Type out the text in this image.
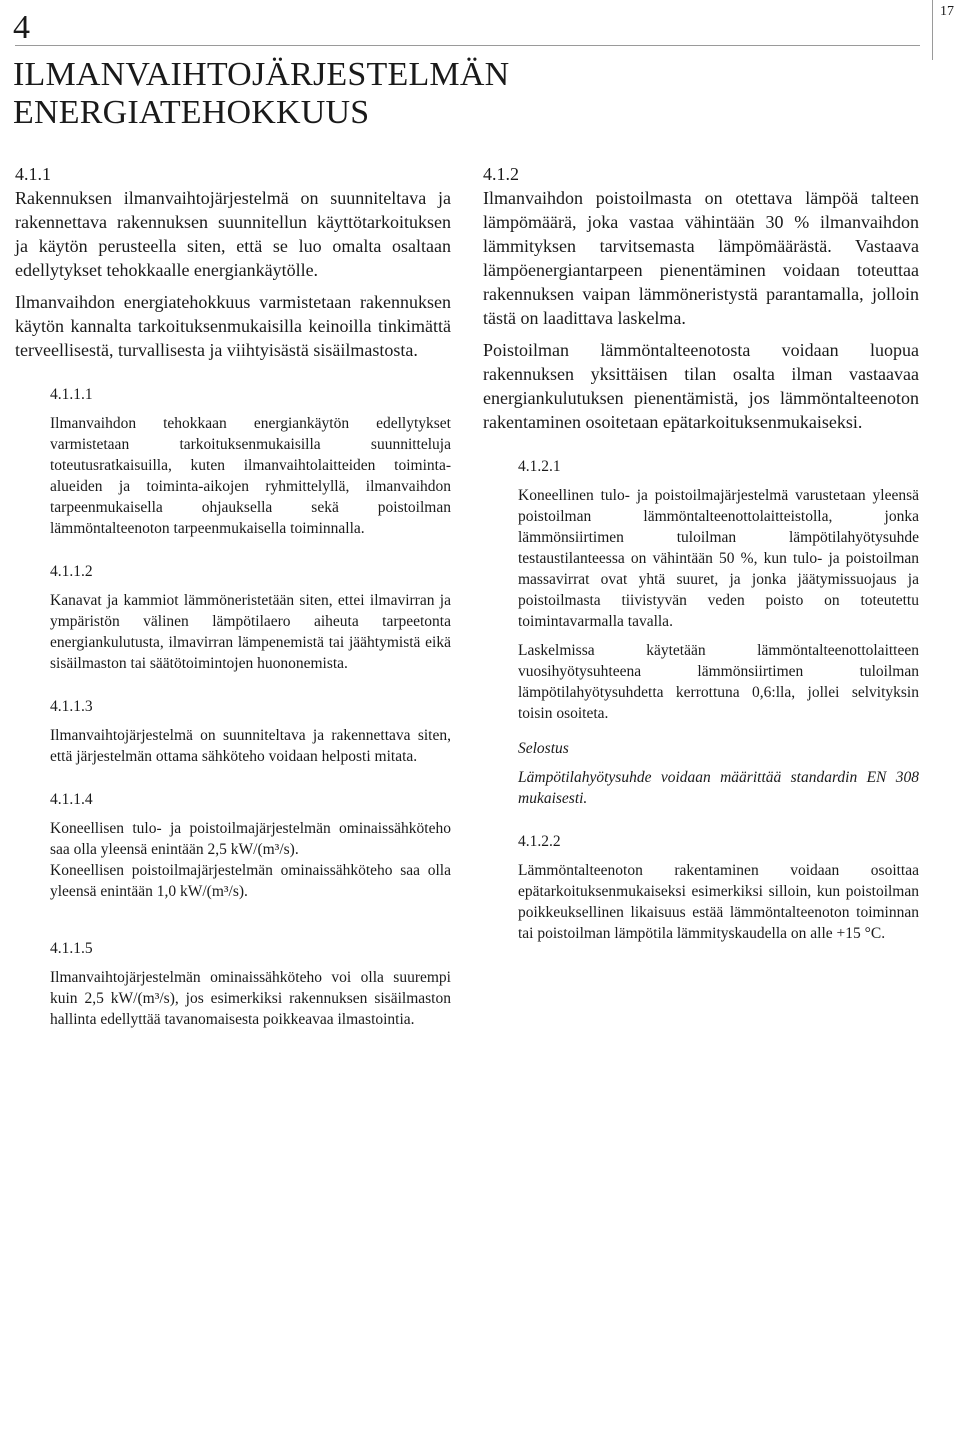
17
4
ILMANVAIHTOJÄRJESTELMÄN
ENERGIATEHOKKUUS

4.1.1

Rakennuksen ilmanvaihtojärjestelmä on suunniteltava ja rakennettava rakennuksen suunnitellun käyttötarkoituksen ja käytön perusteella siten, että se luo omalta osaltaan edellytykset tehokkaalle energiankäytölle.

Ilmanvaihdon energiatehokkuus varmistetaan rakennuksen käytön kannalta tarkoituksenmukaisilla keinoilla tinkimättä terveellisestä, turvallisesta ja viihtyisästä sisäilmastosta.

4.1.1.1

Ilmanvaihdon tehokkaan energiankäytön edellytykset varmistetaan tarkoituksenmukaisilla suunnitteluja toteutusratkaisuilla, kuten ilmanvaihtolaitteiden toiminta-alueiden ja toiminta-aikojen ryhmittelyllä, ilmanvaihdon tarpeenmukaisella ohjauksella sekä poistoilman lämmöntalteenoton tarpeenmukaisella toiminnalla.

4.1.1.2

Kanavat ja kammiot lämmöneristetään siten, ettei ilmavirran ja ympäristön välinen lämpötilaero aiheuta tarpeetonta energiankulutusta, ilmavirran lämpenemistä tai jäähtymistä eikä sisäilmaston tai säätötoimintojen huononemista.

4.1.1.3

Ilmanvaihtojärjestelmä on suunniteltava ja rakennettava siten, että järjestelmän ottama sähköteho voidaan helposti mitata.

4.1.1.4

Koneellisen tulo- ja poistoilmajärjestelmän ominaissähköteho saa olla yleensä enintään 2,5 kW/(m³/s).

Koneellisen poistoilmajärjestelmän ominaissähköteho saa olla yleensä enintään 1,0 kW/(m³/s).

4.1.1.5

Ilmanvaihtojärjestelmän ominaissähköteho voi olla suurempi kuin 2,5 kW/(m³/s), jos esimerkiksi rakennuksen sisäilmaston hallinta edellyttää tavanomaisesta poikkeavaa ilmastointia.

4.1.2

Ilmanvaihdon poistoilmasta on otettava lämpöä talteen lämpömäärä, joka vastaa vähintään 30 % ilmanvaihdon lämmityksen tarvitsemasta lämpömäärästä. Vastaava lämpöenergiantarpeen pienentäminen voidaan toteuttaa rakennuksen vaipan lämmöneristystä parantamalla, jolloin tästä on laadittava laskelma.

Poistoilman lämmöntalteenotosta voidaan luopua rakennuksen yksittäisen tilan osalta ilman vastaavaa energiankulutuksen pienentämistä, jos lämmöntalteenoton rakentaminen osoitetaan epätarkoituksenmukaiseksi.

4.1.2.1

Koneellinen tulo- ja poistoilmajärjestelmä varustetaan yleensä poistoilman lämmöntalteenottolaitteistolla, jonka lämmönsiirtimen tuloilman lämpötilahyötysuhde testaustilanteessa on vähintään 50 %, kun tulo- ja poistoilman massavirrat ovat yhtä suuret, ja jonka jäätymissuojaus ja poistoilmasta tiivistyvän veden poisto on toteutettu toimintavarmalla tavalla.

Laskelmissa käytetään lämmöntalteenottolaitteen vuosihyötysuhteena lämmönsiirtimen tuloilman lämpötilahyötysuhdetta kerrottuna 0,6:lla, jollei selvityksin toisin osoiteta.

Selostus

Lämpötilahyötysuhde voidaan määrittää standardin EN 308 mukaisesti.

4.1.2.2

Lämmöntalteenoton rakentaminen voidaan osoittaa epätarkoituksenmukaiseksi esimerkiksi silloin, kun poistoilman poikkeuksellinen likaisuus estää lämmöntalteenoton toiminnan tai poistoilman lämpötila lämmityskaudella on alle +15 °C.
